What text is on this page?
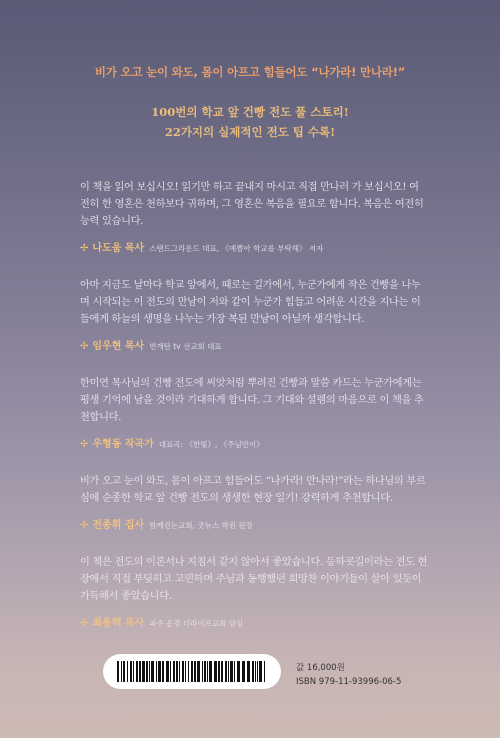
비가 오고 눈이 와도, 몸이 아프고 힘들어도 “나가라! 만나라!”
100번의 학교 앞 건빵 전도 풀 스토리!
22가지의 실제적인 전도 팁 수록!

이 책을 읽어 보십시오! 읽기만 하고 끝내지 마시고 직접 만나러 가 보십시오! 여전히 한 영혼은 천하보다 귀하며, 그 영혼은 복음을 필요로 합니다. 복음은 여전히 능력 있습니다.

✢ 나도움 목사 스탠드그라운드 대표, 《예쁨아 학교를 부탁해》 저자

아마 지금도 날마다 학교 앞에서, 때로는 길가에서, 누군가에게 작은 건빵을 나누며 시작되는 이 전도의 만남이 저와 같이 누군가 힘들고 어려운 시간을 지나는 이들에게 하늘의 생명을 나누는 가장 복된 만남이 아닐까 생각합니다.

✢ 임우현 목사 번개탄 tv 선교회 대표

한미연 목사님의 건빵 전도에 씨앗처럼 뿌려진 건빵과 말씀 카드는 누군가에게는 평생 기억에 남을 것이라 기대하게 합니다. 그 기대와 설렘의 마음으로 이 책을 추천합니다.

✢ 우형동 작곡가 대표곡: 《한빛》, 《주님만이》

비가 오고 눈이 와도, 몸이 아프고 힘들어도 “나가라! 만나라!”라는 하나님의 부르심에 순종한 학교 앞 건빵 전도의 생생한 현장 일기! 강력하게 추천합니다.

✢ 전종휘 집사 함께걷는교회, 굿뉴스 학원 원장

이 책은 전도의 이론서나 지침서 같지 않아서 좋았습니다. 등하굣길이라는 전도 현장에서 직접 부딪히고 고민하며 주님과 동행했던 희망찬 이야기들이 살아 있듯이 가득해서 좋았습니다.

✢ 최용택 목사 파주 운정 더라이프교회 담임
값 16,000원
ISBN 979-11-93996-06-5
